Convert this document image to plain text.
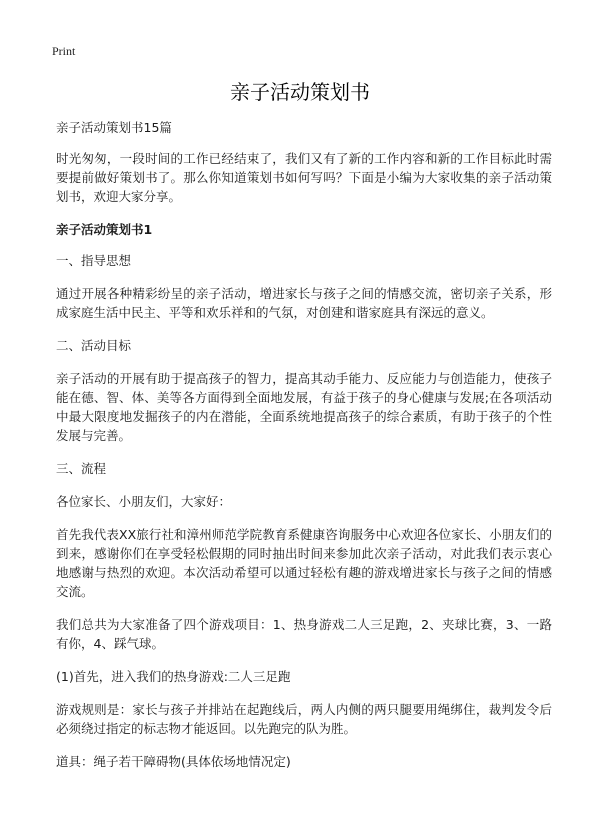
Print
亲子活动策划书

亲子活动策划书15篇

时光匆匆，一段时间的工作已经结束了，我们又有了新的工作内容和新的工作目标此时需要提前做好策划书了。那么你知道策划书如何写吗？下面是小编为大家收集的亲子活动策划书，欢迎大家分享。

亲子活动策划书1

一、指导思想

通过开展各种精彩纷呈的亲子活动，增进家长与孩子之间的情感交流，密切亲子关系，形成家庭生活中民主、平等和欢乐祥和的气氛，对创建和谐家庭具有深远的意义。

二、活动目标

亲子活动的开展有助于提高孩子的智力，提高其动手能力、反应能力与创造能力，使孩子能在德、智、体、美等各方面得到全面地发展，有益于孩子的身心健康与发展;在各项活动中最大限度地发掘孩子的内在潜能，全面系统地提高孩子的综合素质，有助于孩子的个性发展与完善。

三、流程

各位家长、小朋友们，大家好：

首先我代表XX旅行社和漳州师范学院教育系健康咨询服务中心欢迎各位家长、小朋友们的到来，感谢你们在享受轻松假期的同时抽出时间来参加此次亲子活动，对此我们表示衷心地感谢与热烈的欢迎。本次活动希望可以通过轻松有趣的游戏增进家长与孩子之间的情感交流。

我们总共为大家准备了四个游戏项目：1、热身游戏二人三足跑，2、夹球比赛，3、一路有你，4、踩气球。

(1)首先，进入我们的热身游戏:二人三足跑

游戏规则是：家长与孩子并排站在起跑线后，两人内侧的两只腿要用绳绑住，裁判发令后必须绕过指定的标志物才能返回。以先跑完的队为胜。

道具：绳子若干障碍物(具体依场地情况定)
